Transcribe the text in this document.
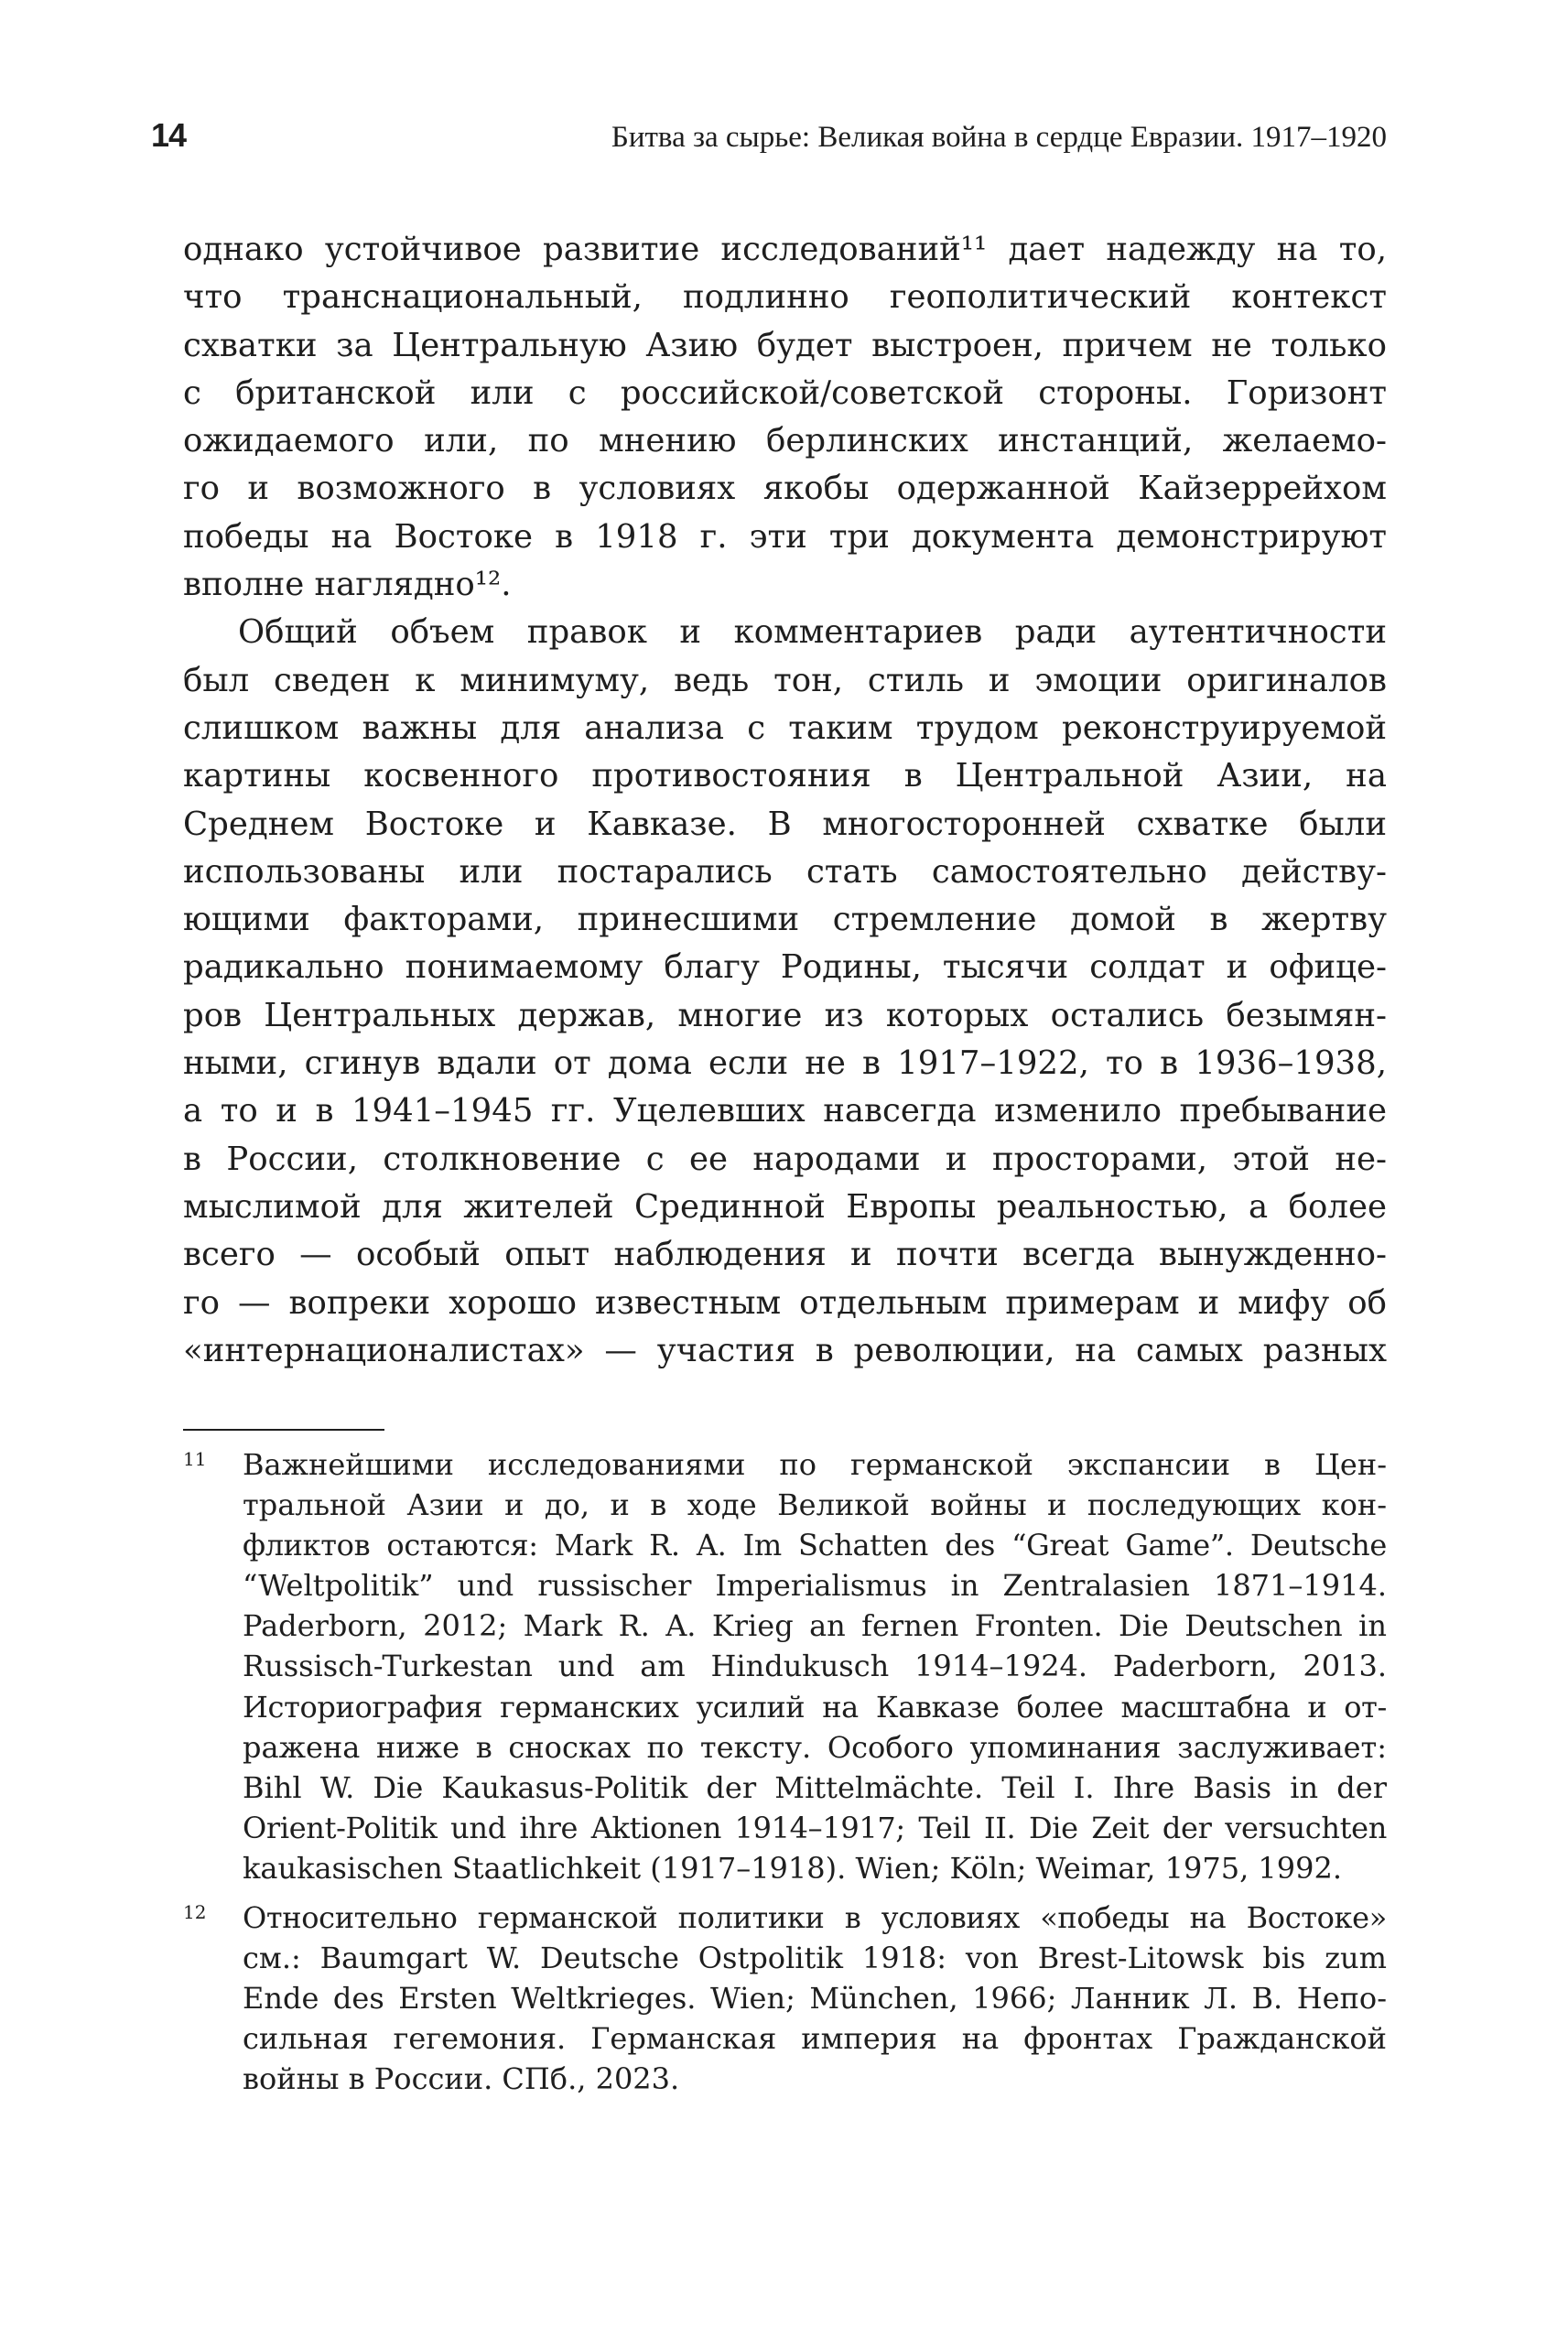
14	Битва за сырье: Великая война в сердце Евразии. 1917–1920
однако устойчивое развитие исследований¹¹ дает надежду на то,
что транснациональный, подлинно геополитический контекст
схватки за Центральную Азию будет выстроен, причем не только
с британской или с российской/советской стороны. Горизонт
ожидаемого или, по мнению берлинских инстанций, желаемо-
го и возможного в условиях якобы одержанной Кайзеррейхом
победы на Востоке в 1918 г. эти три документа демонстрируют
вполне наглядно¹².
Общий объем правок и комментариев ради аутентичности
был сведен к минимуму, ведь тон, стиль и эмоции оригиналов
слишком важны для анализа с таким трудом реконструируемой
картины косвенного противостояния в Центральной Азии, на
Среднем Востоке и Кавказе. В многосторонней схватке были
использованы или постарались стать самостоятельно действу-
ющими факторами, принесшими стремление домой в жертву
радикально понимаемому благу Родины, тысячи солдат и офице-
ров Центральных держав, многие из которых остались безымян-
ными, сгинув вдали от дома если не в 1917–1922, то в 1936–1938,
а то и в 1941–1945 гг. Уцелевших навсегда изменило пребывание
в России, столкновение с ее народами и просторами, этой не-
мыслимой для жителей Срединной Европы реальностью, а более
всего — особый опыт наблюдения и почти всегда вынужденно-
го — вопреки хорошо известным отдельным примерам и мифу об
«интернационалистах» — участия в революции, на самых разных
11 Важнейшими исследованиями по германской экспансии в Цен-
тральной Азии и до, и в ходе Великой войны и последующих кон-
фликтов остаются: Mark R. A. Im Schatten des “Great Game”. Deutsche
“Weltpolitik” und russischer Imperialismus in Zentralasien 1871–1914.
Paderborn, 2012; Mark R. A. Krieg an fernen Fronten. Die Deutschen in
Russisch-Turkestan und am Hindukusch 1914–1924. Paderborn, 2013.
Историография германских усилий на Кавказе более масштабна и от-
ражена ниже в сносках по тексту. Особого упоминания заслуживает:
Bihl W. Die Kaukasus-Politik der Mittelmächte. Teil I. Ihre Basis in der
Orient-Politik und ihre Aktionen 1914–1917; Teil II. Die Zeit der versuchten
kaukasischen Staatlichkeit (1917–1918). Wien; Köln; Weimar, 1975, 1992.
12 Относительно германской политики в условиях «победы на Востоке»
см.: Baumgart W. Deutsche Ostpolitik 1918: von Brest-Litowsk bis zum
Ende des Ersten Weltkrieges. Wien; München, 1966; Ланник Л. В. Непо-
сильная гегемония. Германская империя на фронтах Гражданской
войны в России. СПб., 2023.
